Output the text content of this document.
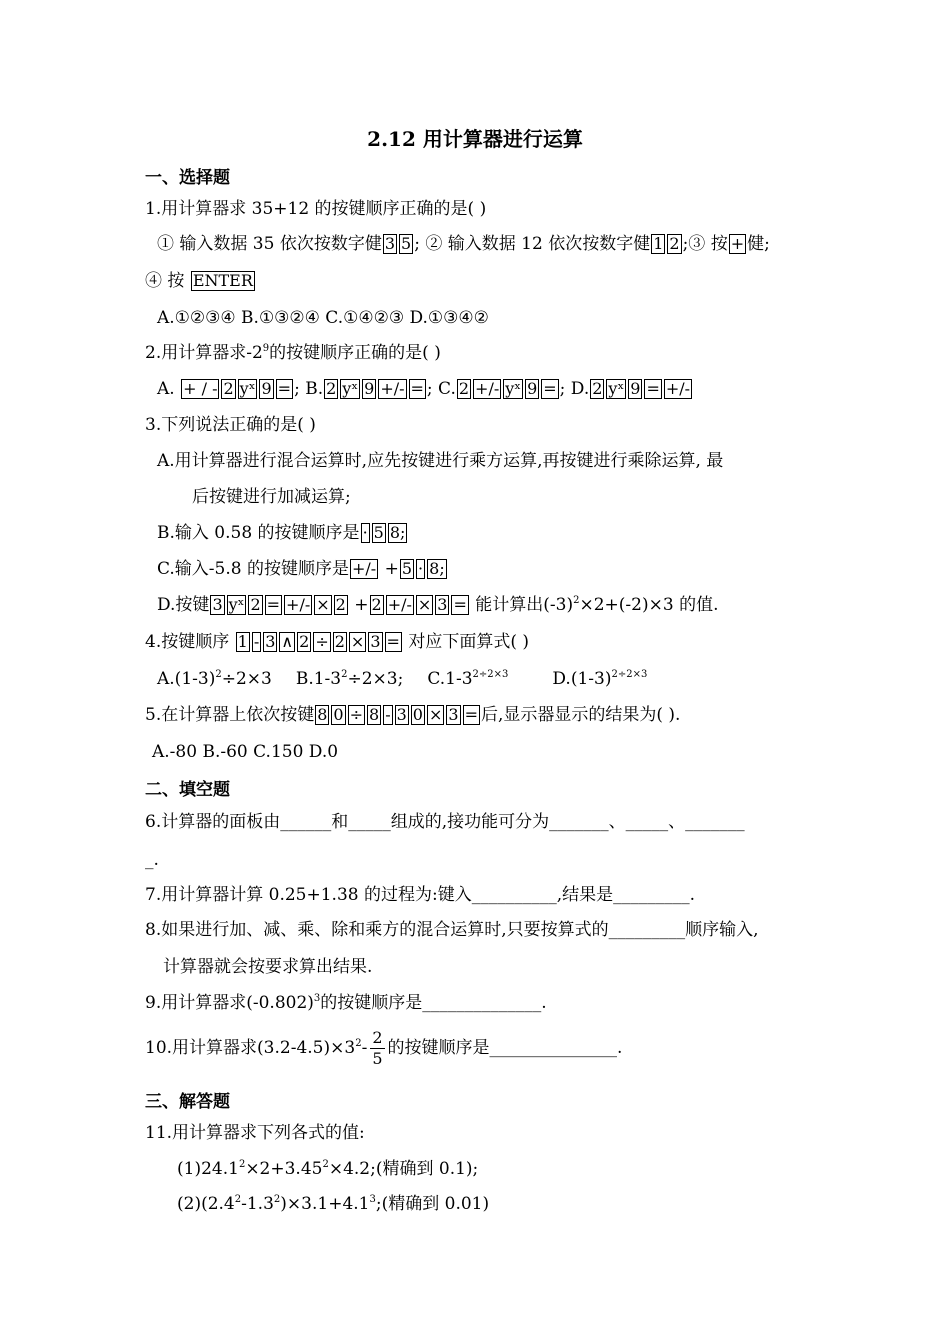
2.12 用计算器进行运算
一、选择题
1.用计算器求 35+12 的按键顺序正确的是( )
① 输入数据 35 依次按数字健 3 5 ; ② 输入数据 12 依次按数字健 1 2 ;③ 按 + 健;
④ 按 ENTER
A.①②③④ B.①③②④ C.①④②③ D.①③④②
2.用计算器求$-2^9$的按键顺序正确的是( )
A. + / - 2 yˣ 9 = ; B. 2 yˣ 9 +/- = ; C. 2 +/- yˣ 9 = ; D. 2 yˣ 9 = +/-
3.下列说法正确的是( )
A.用计算器进行混合运算时,应先按键进行乘方运算,再按键进行乘除运算, 最
后按键进行加减运算;
B.输入 0.58 的按键顺序是 · 5 8;
C.输入-5.8 的按键顺序是 +/- + 5 · 8;
D.按键 3 yˣ 2 = +/- × 2 + 2 +/- × 3 = 能计算出$(-3)^2\times 2+(-2)\times 3$ 的值.
4.按键顺序 1 - 3 ∧ 2 ÷ 2 × 3 = 对应下面算式( )
$A.(1-3)^2\div 2\times 3$ $B.1-3^2\div 2\times 3$; $C.1-3^{2\div 2\times 3}$	$D.(1-3)^{2\div 2\times 3}$
5.在计算器上依次按键 8 0 ÷ 8 - 3 0 × 3 = 后,显示器显示的结果为( ).
A.-80 B.-60 C.150 D.0
二、填空题
6.计算器的面板由______和_____组成的,接功能可分为_______、_____、_______
_.
7.用计算器计算 0.25+1.38 的过程为:键入__________,结果是_________.
8.如果进行加、减、乘、除和乘方的混合运算时,只要按算式的_________顺序输入,
计算器就会按要求算出结果.
9.用计算器求$(-0.802)^3$的按键顺序是______________.
10.用计算器求$(3.2-4.5)\times 3^2- \frac{2}{5}$ 的按键顺序是_______________.
三、解答题
11.用计算器求下列各式的值:
$(1)24.1^2\times 2+3.45^2\times 4.2$;(精确到 0.1);
$(2)(2.4^2-1.3^2)\times 3.1+4.1^3$;(精确到 0.01)
